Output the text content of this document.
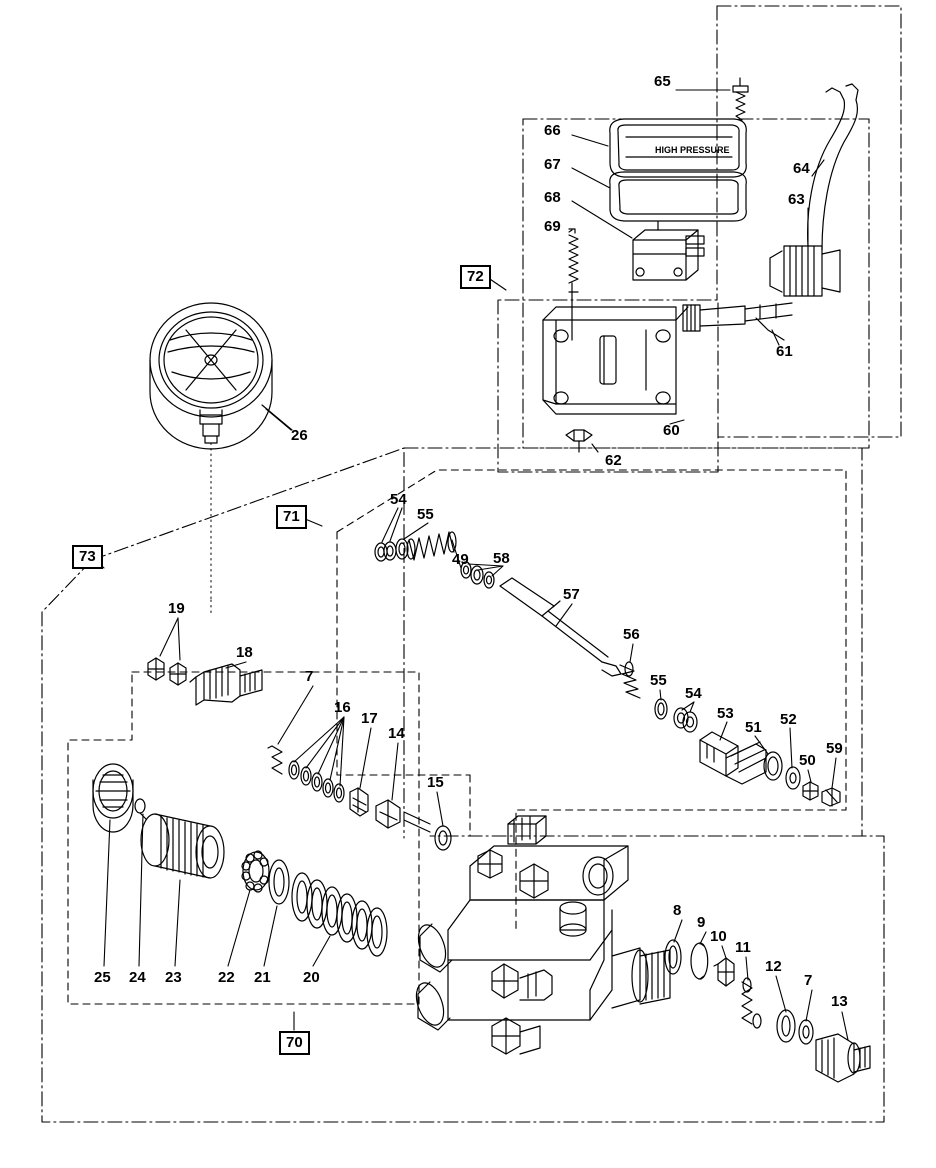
HIGH PRESSURE
7
7
8
9
10
11
12
13
14
15
16
17
18
19
20
21
22
23
24
25
26
49
50
51 52
53
54
54
55
55
56
57
58
59
60
61
62
63
64
65
66
67
68
69
70
71
72
73
